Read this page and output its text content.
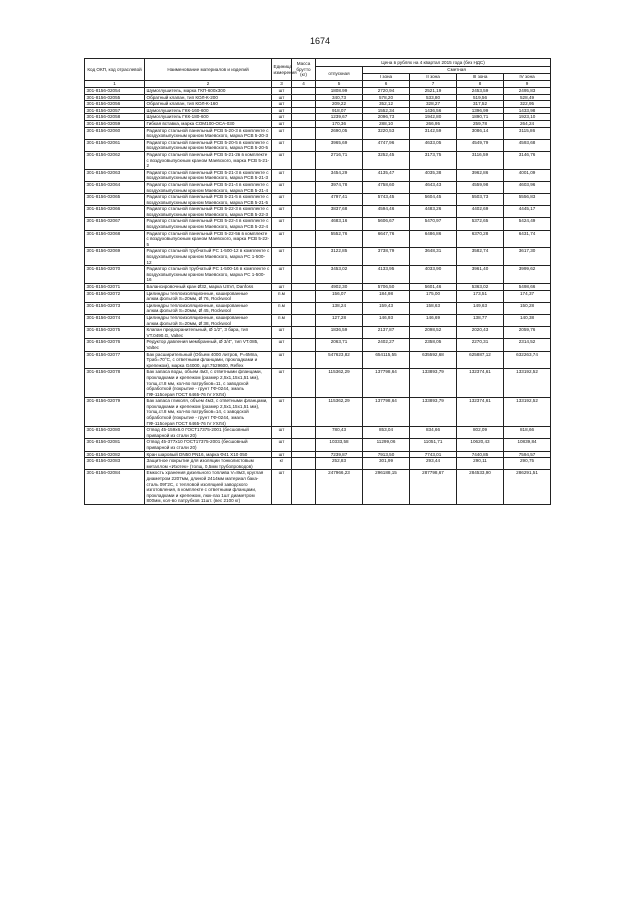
1674
Код ОКП, код отраслевой	Наименование материалов и изделий	Единица измерения	Масса брутто (кг)	Цена в рублях на 4 квартал 2015 года (без НДС)				
				отпускная	Сметная			
					I зона	II зона	III зона	IV зона
1	2	3	4	5	6	7	8	9
301-8156-02054	Шумоглушитель, марка ГКП-600х300	шт		1808.99	2720,94	2521,19	2453,59	2495,83
301-8156-02055	Обратный клапан, тип КОЛ-К-200	шт		340,73	578,20	533,80	519,56	528,49
301-8156-02056	Обратный клапан, тип КОЛ-К-160	шт		209,22	352,12	328,27	317,52	322,95
301-8156-02057	Шумоглушитель ГКК-160-600	шт		918,07	1552,34	1436,56	1396,99	1433,98
301-8156-02058	Шумоглушитель ГКК-180-600	шт		1239,67	2096,73	1942,80	1890,71	1923,10
301-8156-02059	Гибкая вставка, марка СОМ100-ОСА-030	шт		170,36	288,10	266,95	259,78	264,24
301-8156-02060	Радиатор стальной панельный PCB 5-20-3 в комплекте с воздуховыпускным краном Маевского, марка PCB 5-20-3	шт		2690,05	3220,53	3142,59	3086,14	3115,86
301-8156-02061	Радиатор стальной панельный PCB 5-20-5 в комплекте с воздуховыпускным краном Маевского, марка PCB 5-20-5	шт		3965,69	4747,96	4633,05	4549,79	4593,68
301-8156-02062	Радиатор стальной панельный PCB 5-21-2в в комплекте с воздуховыпускным краном Маевского, марка PCB 5-21-2	шт		2716,71	3252,45	3173,75	3116,59	3146,76
301-8156-02063	Радиатор стальной панельный PCB 5-21-3 в комплекте с воздуховыпускным краном Маевского, марка PCB 5-21-3	шт		3454,29	4135,47	4035,38	3962,86	4001,09
301-8156-02064	Радиатор стальной панельный PCB 5-21-4 в комплекте с воздуховыпускным краном Маевского, марка PCB 5-21-4	шт		3974,78	4758,60	4643,43	4559,98	4603,96
301-8156-02065	Радиатор стальной панельный PCB 5-21-5 в комплекте с воздуховыпускным краном Маевского, марка PCB 5-21-5	шт		4797,41	5743,45	5604,45	5503,73	5556,83
301-8156-02066	Радиатор стальной панельный PCB 5-22-3 в комплекте с воздуховыпускным краном Маевского, марка PCB 5-22-3	шт		3837,68	4594,46	4483,26	4402,69	4445,17
301-8156-02067	Радиатор стальной панельный PCB 5-22-4 в комплекте с воздуховыпускным краном Маевского, марка PCB 5-22-4	шт		4683,16	5606,67	5470,97	5372,65	5424,49
301-8156-02068	Радиатор стальной панельный PCB 5-22-5в в комплекте с воздуховыпускным краном Маевского, марка PCB 5-22-5	шт		5552,76	6647,76	6486,86	6370,28	6431,74
301-8156-02069	Радиатор стальной трубчатый PC 1-500-12 в комплекте с воздуховыпускным краном Маевского, марка PC 1-500-12	шт		3122,85	3738,79	3648,31	3582,74	3617,30
301-8156-02070	Радиатор стальной трубчатый PC 1-500-16 в комплекте с воздуховыпускным краном Маевского, марка PC 1-500-16	шт		3453,02	4133,95	4033,90	3961,40	3999,62
301-8156-02071	Балансировочный кран Ø32, марка USVI, Danfoss	шт		4902,30	5706,50	5601,46	5363,02	5498,66
301-8156-02072	Цилиндры теплоизоляционные, кашированные алюм.фольгой S=20мм, Ø 76, Rockwool	п.м		156,07	184,98	175,00	173,51	174,37
301-8156-02073	Цилиндры теплоизоляционные, кашированные алюм.фольгой S=20мм, Ø 45, Rockwool	п.м		138,24	159,43	158,63	149,63	150,28
301-8156-02074	Цилиндры теплоизоляционные, кашированные алюм.фольгой S=20мм, Ø 38, Rockwool	п.м		127,28	146,93	146,69	138,77	140,38
301-8156-02075	Клапан предохранительный, Ø 1/2", 3 бара, тип VT.0490.G, Valtec	шт		1836,59	2137,87	2098,52	2020,43	2059,76
301-8156-02076	Редуктор давления мембранный, Ø 3/4", тип VT.085, Valtec	шт		2063,71	2402,27	2358,05	2270,31	2314,52
301-8156-02077	Бак расширительный (Объем 4000 литров, P=6Мпа, Tраб=70°C, с ответными фланцами, прокладками и крепежом), марка G4000, арт.7529600, Reflex	шт		547623,82	654115,55	635592,68	625887,12	632263,74
301-8156-02078	Бак запаса воды, объем 4м3, с ответными фланцами, прокладками и крепежом (размер 2,5х1,15х1,51 мм), толщ.ст.8 мм, кол-во патрубков=11, с заводской обработкой (покрытие - грунт ГФ-0244, эмаль ПФ-115серая ГОСТ 6465-76 IV УХЛ4)	шт		115362,29	137798,64	133893,79	132374,61	133192,52
301-8156-02079	Бак запаса гликоля, объем 4м3, с ответными фланцами, прокладками и крепежом (размер 2,5х1,15х1,51 мм), толщ.ст.8 мм, кол-во патрубков=14, с заводской обработкой (покрытие - грунт ГФ-0244, эмаль ПФ-115серая ГОСТ 6465-76 IV УХЛ4)	шт		115362,29	137798,64	133893,79	132374,61	133192,52
301-8156-02080	Отвод 45-159х6.0 ГОСТ17375-2001 (бесшовный приварной из стали 20)	шт		780,43	853,04	834,66	802,09	818,66
301-8156-02081	Отвод 45-377х10 ГОСТ17375-2001 (бесшовный приварной из стали 20)	шт		10333,58	11299,06	11051,71	10620,43	10839,84
301-8156-02082	Кран шаровый DN50 PN16, марка Ф41 Х10 050	шт		7239,87	7913,50	7743,01	7440,85	7594,57
301-8156-02083	Защитное покрытие для изоляции тонколистовым металлом «Изотек» (толщ. 0,5мм трубопроводов)	кг		252,83	301,99	293,44	290,11	290,75
301-8156-02084	Емкость хранения дизельного топлива V=8м3, круглая диаметром 2207мм, длиной 2414мм материал бака- сталь 09Г2С, с тепловой изоляцией заводского изготовления, в комплекте с ответными фланцами, прокладками и крепежом, люк-лаз 1шт диаметром 800мм, кол-во патрубков 11шт. (вес 2100 кг)	шт		247966,23	296188,15	287798,67	284533,90	286291,51
